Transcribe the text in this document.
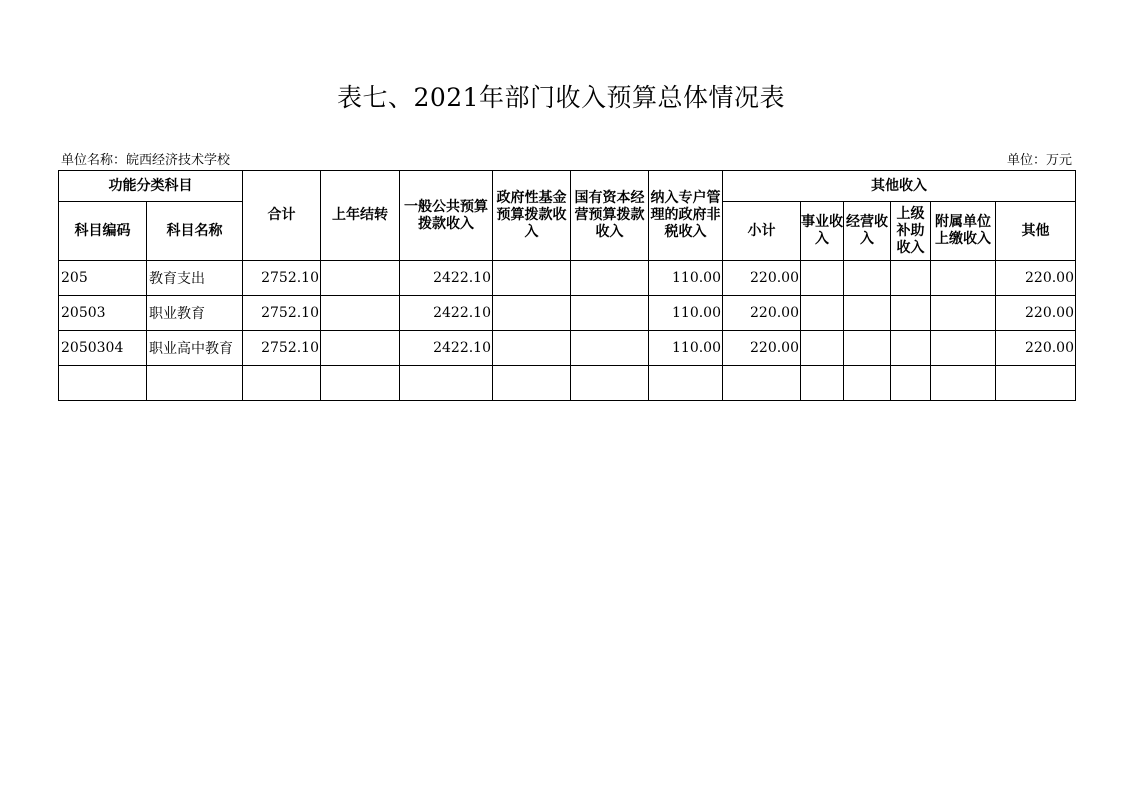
表七、2021年部门收入预算总体情况表
单位名称：皖西经济技术学校	单位：万元
功能分类科目		合计	上年结转	一般公共预算拨款收入	政府性基金预算拨款收入	国有资本经营预算拨款收入	纳入专户管理的政府非税收入	其他收入					
科目编码	科目名称							小计	事业收入	经营收入	上级补助收入	附属单位上缴收入	其他
205	教育支出	2752.10		2422.10			110.00	220.00					220.00
20503	职业教育	2752.10		2422.10			110.00	220.00					220.00
2050304	职业高中教育	2752.10		2422.10			110.00	220.00					220.00
